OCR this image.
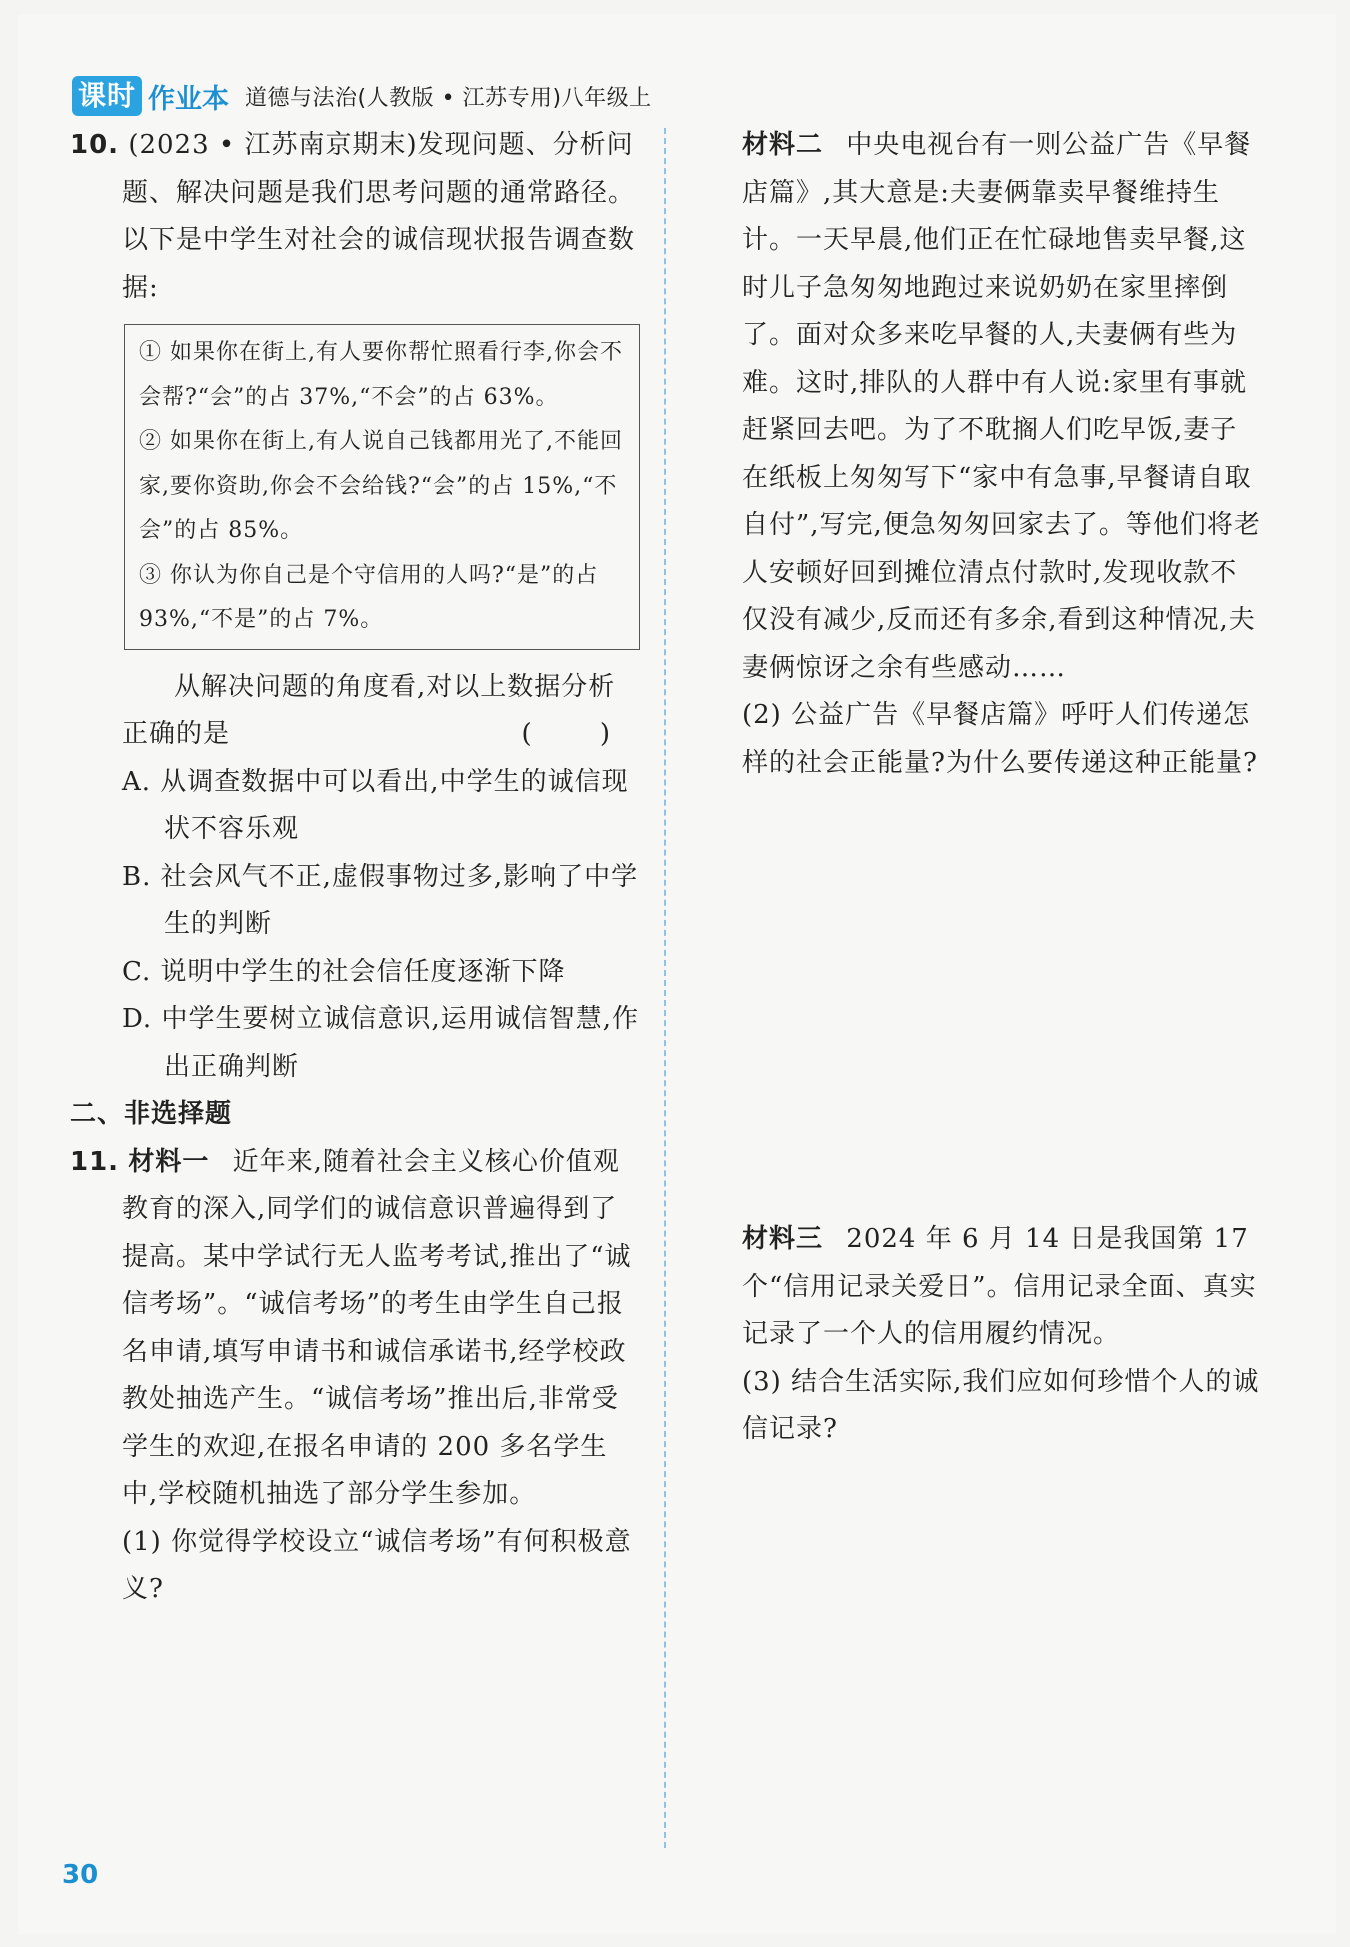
课时 作业本 道德与法治(人教版 • 江苏专用)八年级上

10. (2023 • 江苏南京期末)发现问题、分析问题、解决问题是我们思考问题的通常路径。以下是中学生对社会的诚信现状报告调查数据:

① 如果你在街上,有人要你帮忙照看行李,你会不会帮?“会”的占 37%,“不会”的占 63%。
② 如果你在街上,有人说自己钱都用光了,不能回家,要你资助,你会不会给钱?“会”的占 15%,“不会”的占 85%。
③ 你认为你自己是个守信用的人吗?“是”的占 93%,“不是”的占 7%。

从解决问题的角度看,对以上数据分析正确的是	( )

A. 从调查数据中可以看出,中学生的诚信现状不容乐观

B. 社会风气不正,虚假事物过多,影响了中学生的判断

C. 说明中学生的社会信任度逐渐下降

D. 中学生要树立诚信意识,运用诚信智慧,作出正确判断

二、非选择题

11. 材料一 近年来,随着社会主义核心价值观教育的深入,同学们的诚信意识普遍得到了提高。某中学试行无人监考考试,推出了“诚信考场”。“诚信考场”的考生由学生自己报名申请,填写申请书和诚信承诺书,经学校政教处抽选产生。“诚信考场”推出后,非常受学生的欢迎,在报名申请的 200 多名学生中,学校随机抽选了部分学生参加。

(1) 你觉得学校设立“诚信考场”有何积极意义?

材料二 中央电视台有一则公益广告《早餐店篇》,其大意是:夫妻俩靠卖早餐维持生计。一天早晨,他们正在忙碌地售卖早餐,这时儿子急匆匆地跑过来说奶奶在家里摔倒了。面对众多来吃早餐的人,夫妻俩有些为难。这时,排队的人群中有人说:家里有事就赶紧回去吧。为了不耽搁人们吃早饭,妻子在纸板上匆匆写下“家中有急事,早餐请自取自付”,写完,便急匆匆回家去了。等他们将老人安顿好回到摊位清点付款时,发现收款不仅没有减少,反而还有多余,看到这种情况,夫妻俩惊讶之余有些感动……

(2) 公益广告《早餐店篇》呼吁人们传递怎样的社会正能量?为什么要传递这种正能量?

材料三 2024 年 6 月 14 日是我国第 17 个“信用记录关爱日”。信用记录全面、真实记录了一个人的信用履约情况。

(3) 结合生活实际,我们应如何珍惜个人的诚信记录?

30
